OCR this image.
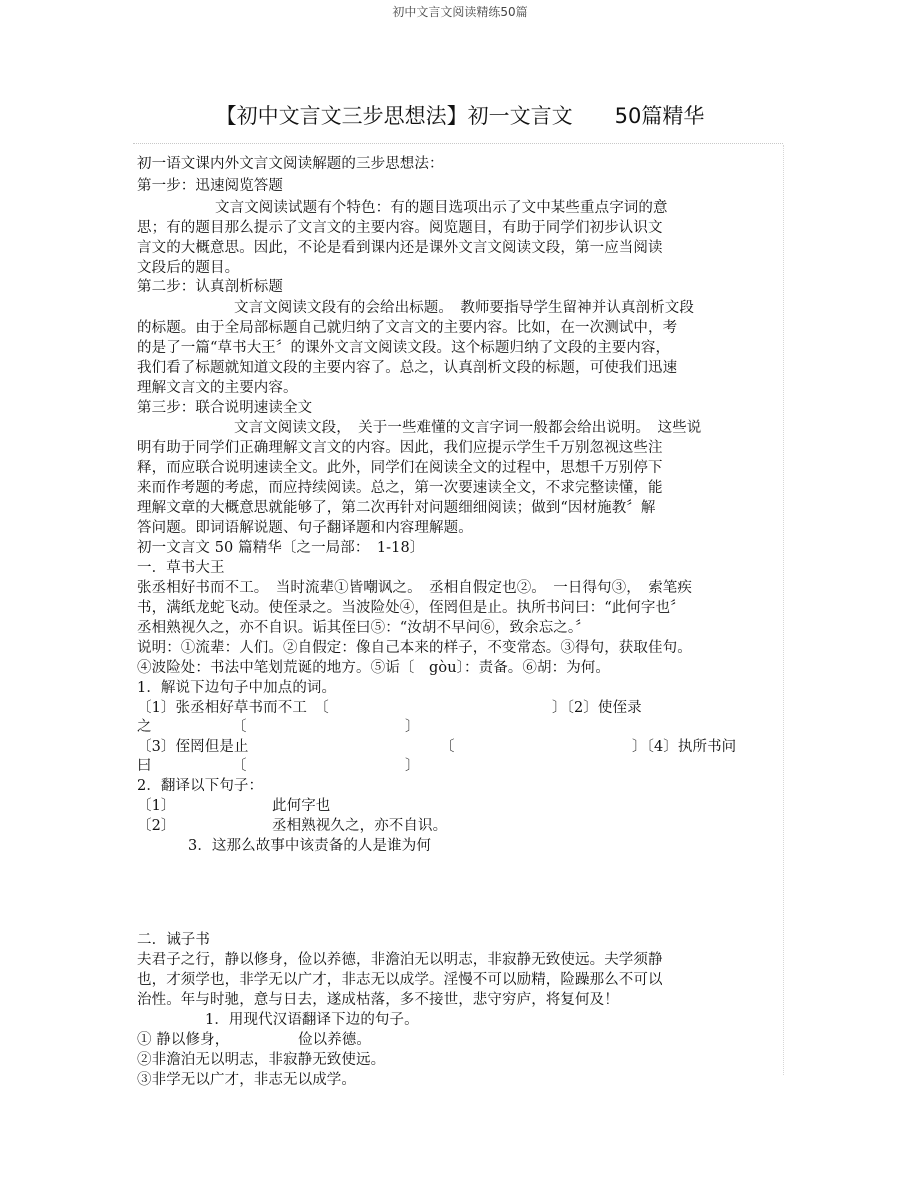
初中文言文阅读精练50篇
【初中文言文三步思想法】初一文言文　　50篇精华
初一语文课内外文言文阅读解题的三步思想法：
第一步：迅速阅览答题
文言文阅读试题有个特色：有的题目选项出示了文中某些重点字词的意
思；有的题目那么提示了文言文的主要内容。阅览题目，有助于同学们初步认识文
言文的大概意思。因此，不论是看到课内还是课外文言文阅读文段，第一应当阅读
文段后的题目。
第二步：认真剖析标题
文言文阅读文段有的会给出标题。　教师要指导学生留神并认真剖析文段
的标题。由于全局部标题自己就归纳了文言文的主要内容。比如，在一次测试中，考
的是了一篇“草书大王〞的课外文言文阅读文段。这个标题归纳了文段的主要内容，
我们看了标题就知道文段的主要内容了。总之，认真剖析文段的标题，可使我们迅速
理解文言文的主要内容。
第三步：联合说明速读全文
文言文阅读文段，　关于一些难懂的文言字词一般都会给出说明。　这些说
明有助于同学们正确理解文言文的内容。因此，我们应提示学生千万别忽视这些注
释，而应联合说明速读全文。此外，同学们在阅读全文的过程中，思想千万别停下
来而作考题的考虑，而应持续阅读。总之，第一次要速读全文，不求完整读懂，能
理解文章的大概意思就能够了，第二次再针对问题细细阅读；做到“因材施教〞解
答问题。即词语解说题、句子翻译题和内容理解题。
初一文言文 50 篇精华〔之一局部：　1-18〕
一．草书大王
张丞相好书而不工。　当时流辈①皆嘲讽之。　丞相自假定也②。　一日得句③，　索笔疾
书，满纸龙蛇飞动。使侄录之。当波险处④，侄罔但是止。执所书问曰：“此何字也〞
丞相熟视久之，亦不自识。诟其侄曰⑤：“汝胡不早问⑥，致余忘之。〞
说明：①流辈：人们。②自假定：像自己本来的样子，不变常态。③得句，获取佳句。
④波险处：书法中笔划荒诞的地方。⑤诟〔　gòu〕：责备。⑥胡：为何。
1．解说下边句子中加点的词。
〔1〕张丞相好草书而不工　〔	〕〔2〕使侄录
之	〔	〕
〔3〕侄罔但是止	〔	〕〔4〕执所书问
曰	〔	〕
2．翻译以下句子：
〔1〕	此何字也
〔2〕	丞相熟视久之，亦不自识。
3．这那么故事中该责备的人是谁为何
二．诫子书
夫君子之行，静以修身，俭以养德，非澹泊无以明志，非寂静无致使远。夫学须静
也，才须学也，非学无以广才，非志无以成学。淫慢不可以励精，险躁那么不可以
治性。年与时驰，意与日去，遂成枯落，多不接世，悲守穷庐，将复何及！
1．用现代汉语翻译下边的句子。
① 静以修身，	俭以养德。
②非澹泊无以明志，非寂静无致使远。
③非学无以广才，非志无以成学。
